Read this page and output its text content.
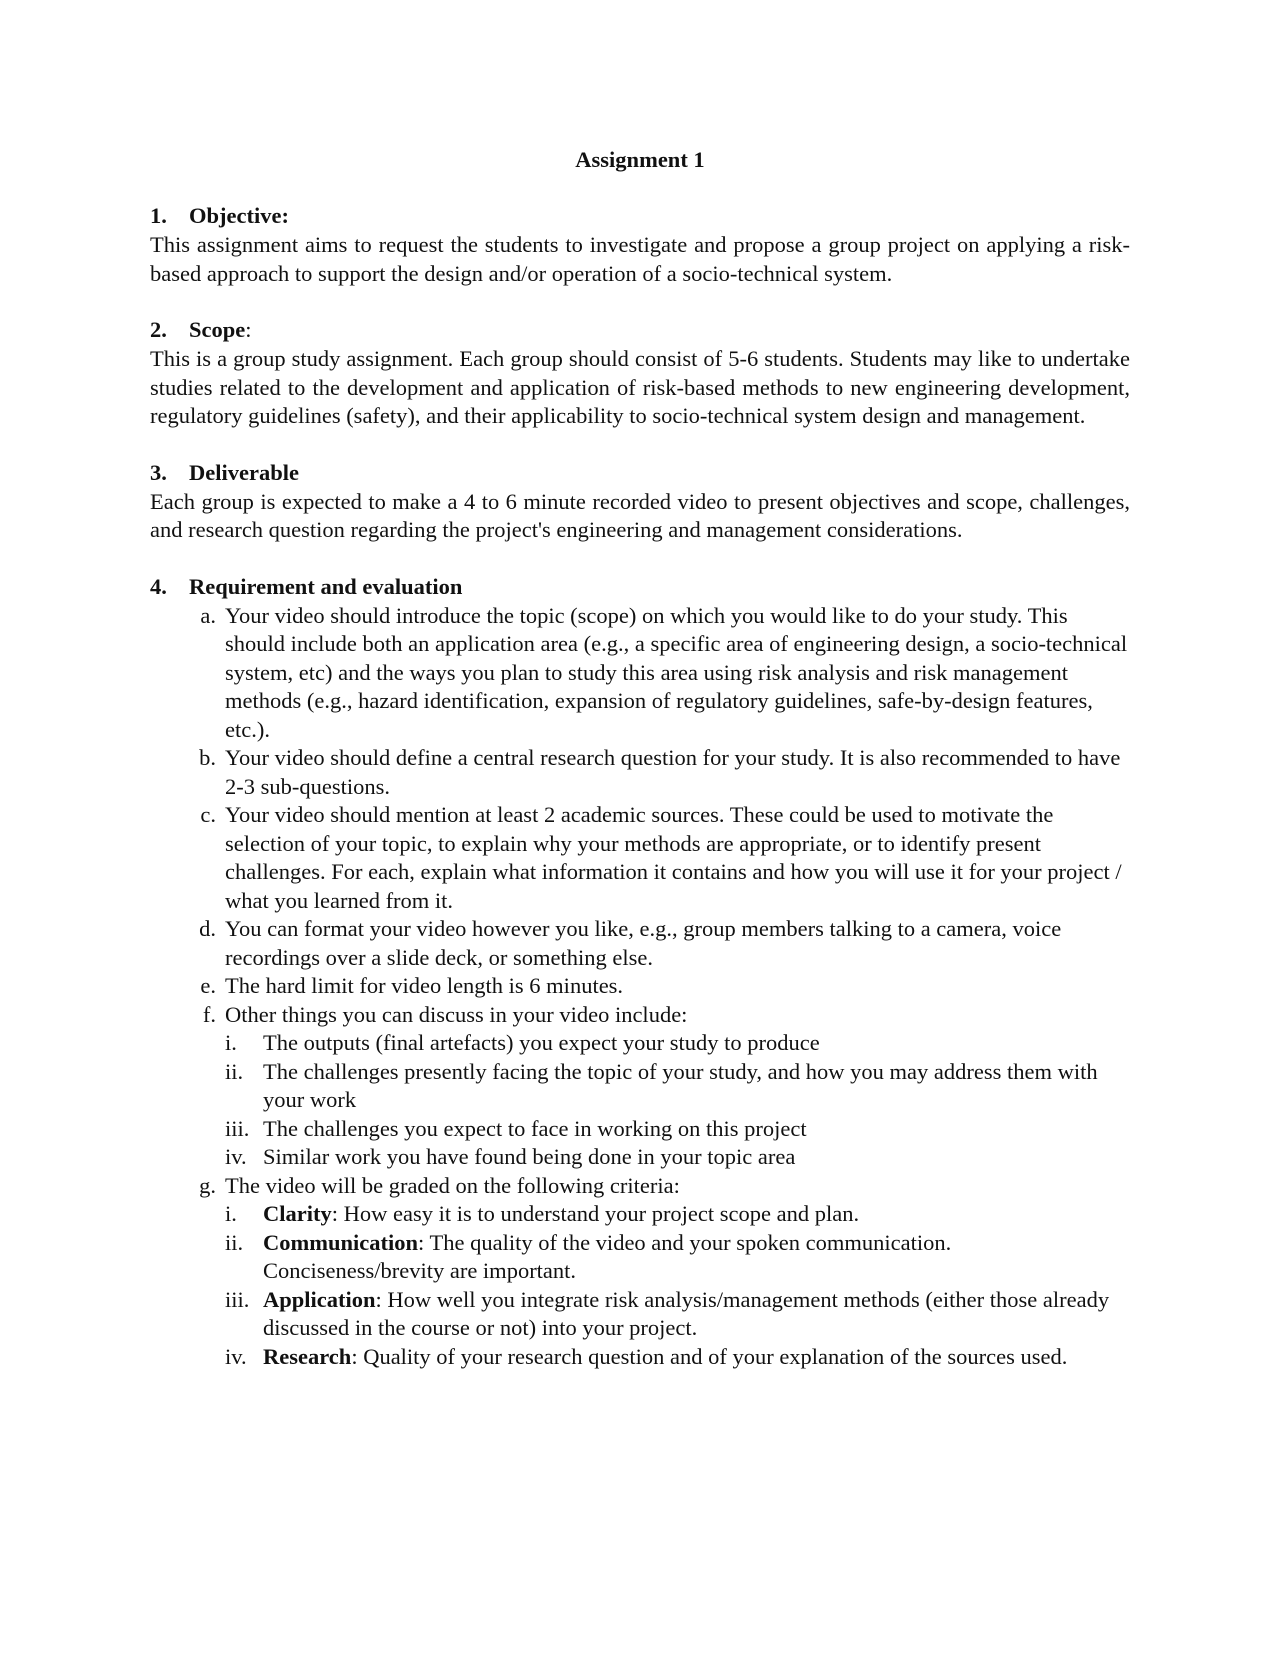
Assignment 1
1. Objective:

This assignment aims to request the students to investigate and propose a group project on applying a risk-based approach to support the design and/or operation of a socio-technical system.

2. Scope:

This is a group study assignment. Each group should consist of 5-6 students. Students may like to undertake studies related to the development and application of risk-based methods to new engineering development, regulatory guidelines (safety), and their applicability to socio-technical system design and management.

3. Deliverable

Each group is expected to make a 4 to 6 minute recorded video to present objectives and scope, challenges, and research question regarding the project's engineering and management considerations.

4. Requirement and evaluation
a. Your video should introduce the topic (scope) on which you would like to do your study. This should include both an application area (e.g., a specific area of engineering design, a socio-technical system, etc) and the ways you plan to study this area using risk analysis and risk management methods (e.g., hazard identification, expansion of regulatory guidelines, safe-by-design features, etc.).
b. Your video should define a central research question for your study. It is also recommended to have 2-3 sub-questions.
c. Your video should mention at least 2 academic sources. These could be used to motivate the selection of your topic, to explain why your methods are appropriate, or to identify present challenges. For each, explain what information it contains and how you will use it for your project / what you learned from it.
d. You can format your video however you like, e.g., group members talking to a camera, voice recordings over a slide deck, or something else.
e. The hard limit for video length is 6 minutes.
f. Other things you can discuss in your video include:
i.	The outputs (final artefacts) you expect your study to produce
ii. The challenges presently facing the topic of your study, and how you may address them with your work
iii. The challenges you expect to face in working on this project
iv. Similar work you have found being done in your topic area
g. The video will be graded on the following criteria:
i.	Clarity: How easy it is to understand your project scope and plan.
ii. Communication: The quality of the video and your spoken communication. Conciseness/brevity are important.
iii. Application: How well you integrate risk analysis/management methods (either those already discussed in the course or not) into your project.
iv. Research: Quality of your research question and of your explanation of the sources used.
